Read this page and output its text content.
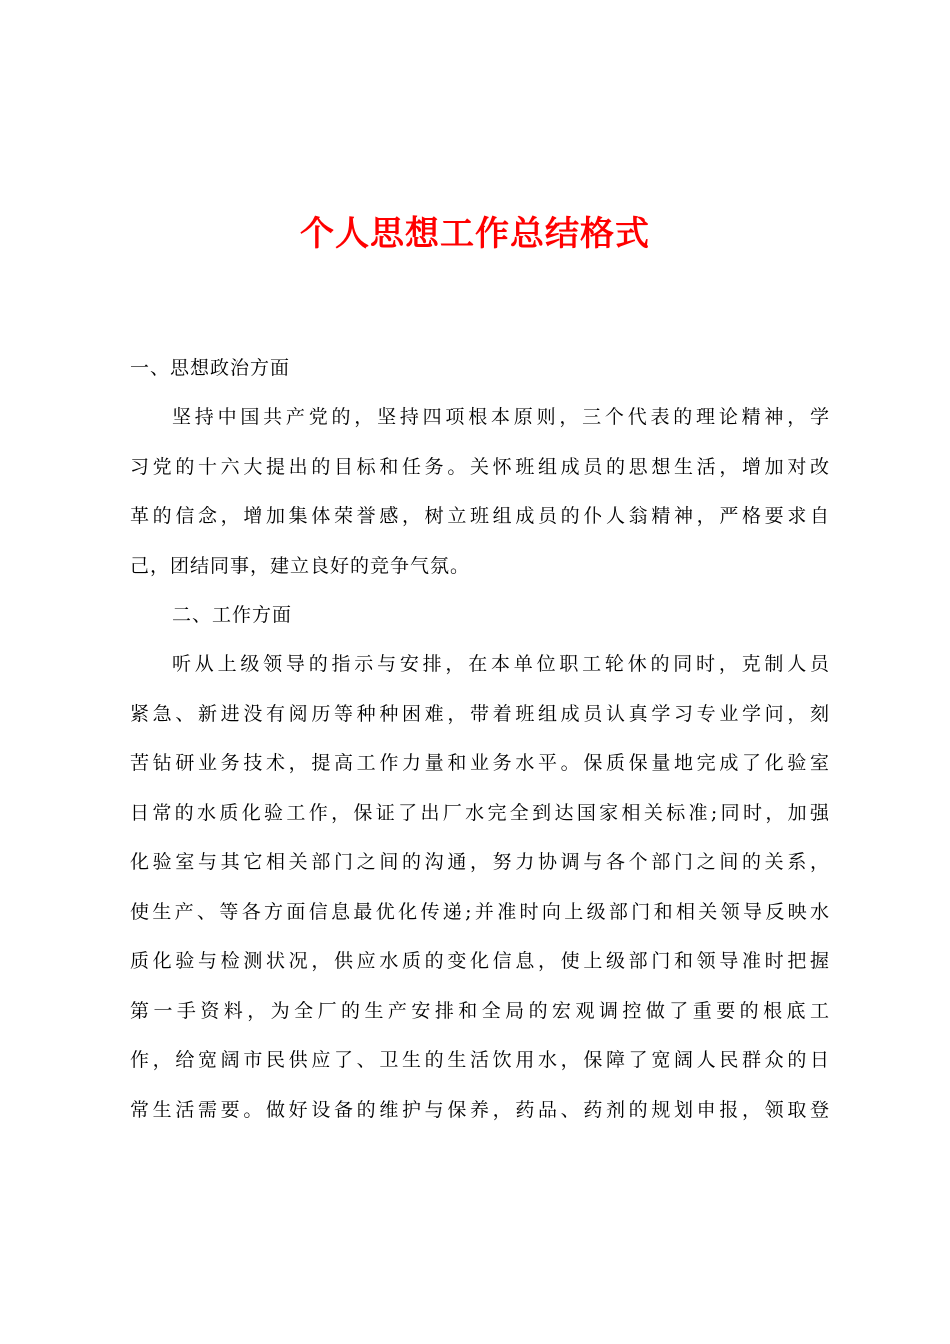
个人思想工作总结格式

一、思想政治方面

坚持中国共产党的，坚持四项根本原则，三个代表的理论精神，学
习党的十六大提出的目标和任务。关怀班组成员的思想生活，增加对改
革的信念，增加集体荣誉感，树立班组成员的仆人翁精神，严格要求自
己，团结同事，建立良好的竞争气氛。

二、工作方面

听从上级领导的指示与安排，在本单位职工轮休的同时，克制人员
紧急、新进没有阅历等种种困难，带着班组成员认真学习专业学问，刻
苦钻研业务技术，提高工作力量和业务水平。保质保量地完成了化验室
日常的水质化验工作，保证了出厂水完全到达国家相关标准;同时，加强
化验室与其它相关部门之间的沟通，努力协调与各个部门之间的关系，
使生产、等各方面信息最优化传递;并准时向上级部门和相关领导反映水
质化验与检测状况，供应水质的变化信息，使上级部门和领导准时把握
第一手资料，为全厂的生产安排和全局的宏观调控做了重要的根底工
作，给宽阔市民供应了、卫生的生活饮用水，保障了宽阔人民群众的日
常生活需要。做好设备的维护与保养，药品、药剂的规划申报，领取登
